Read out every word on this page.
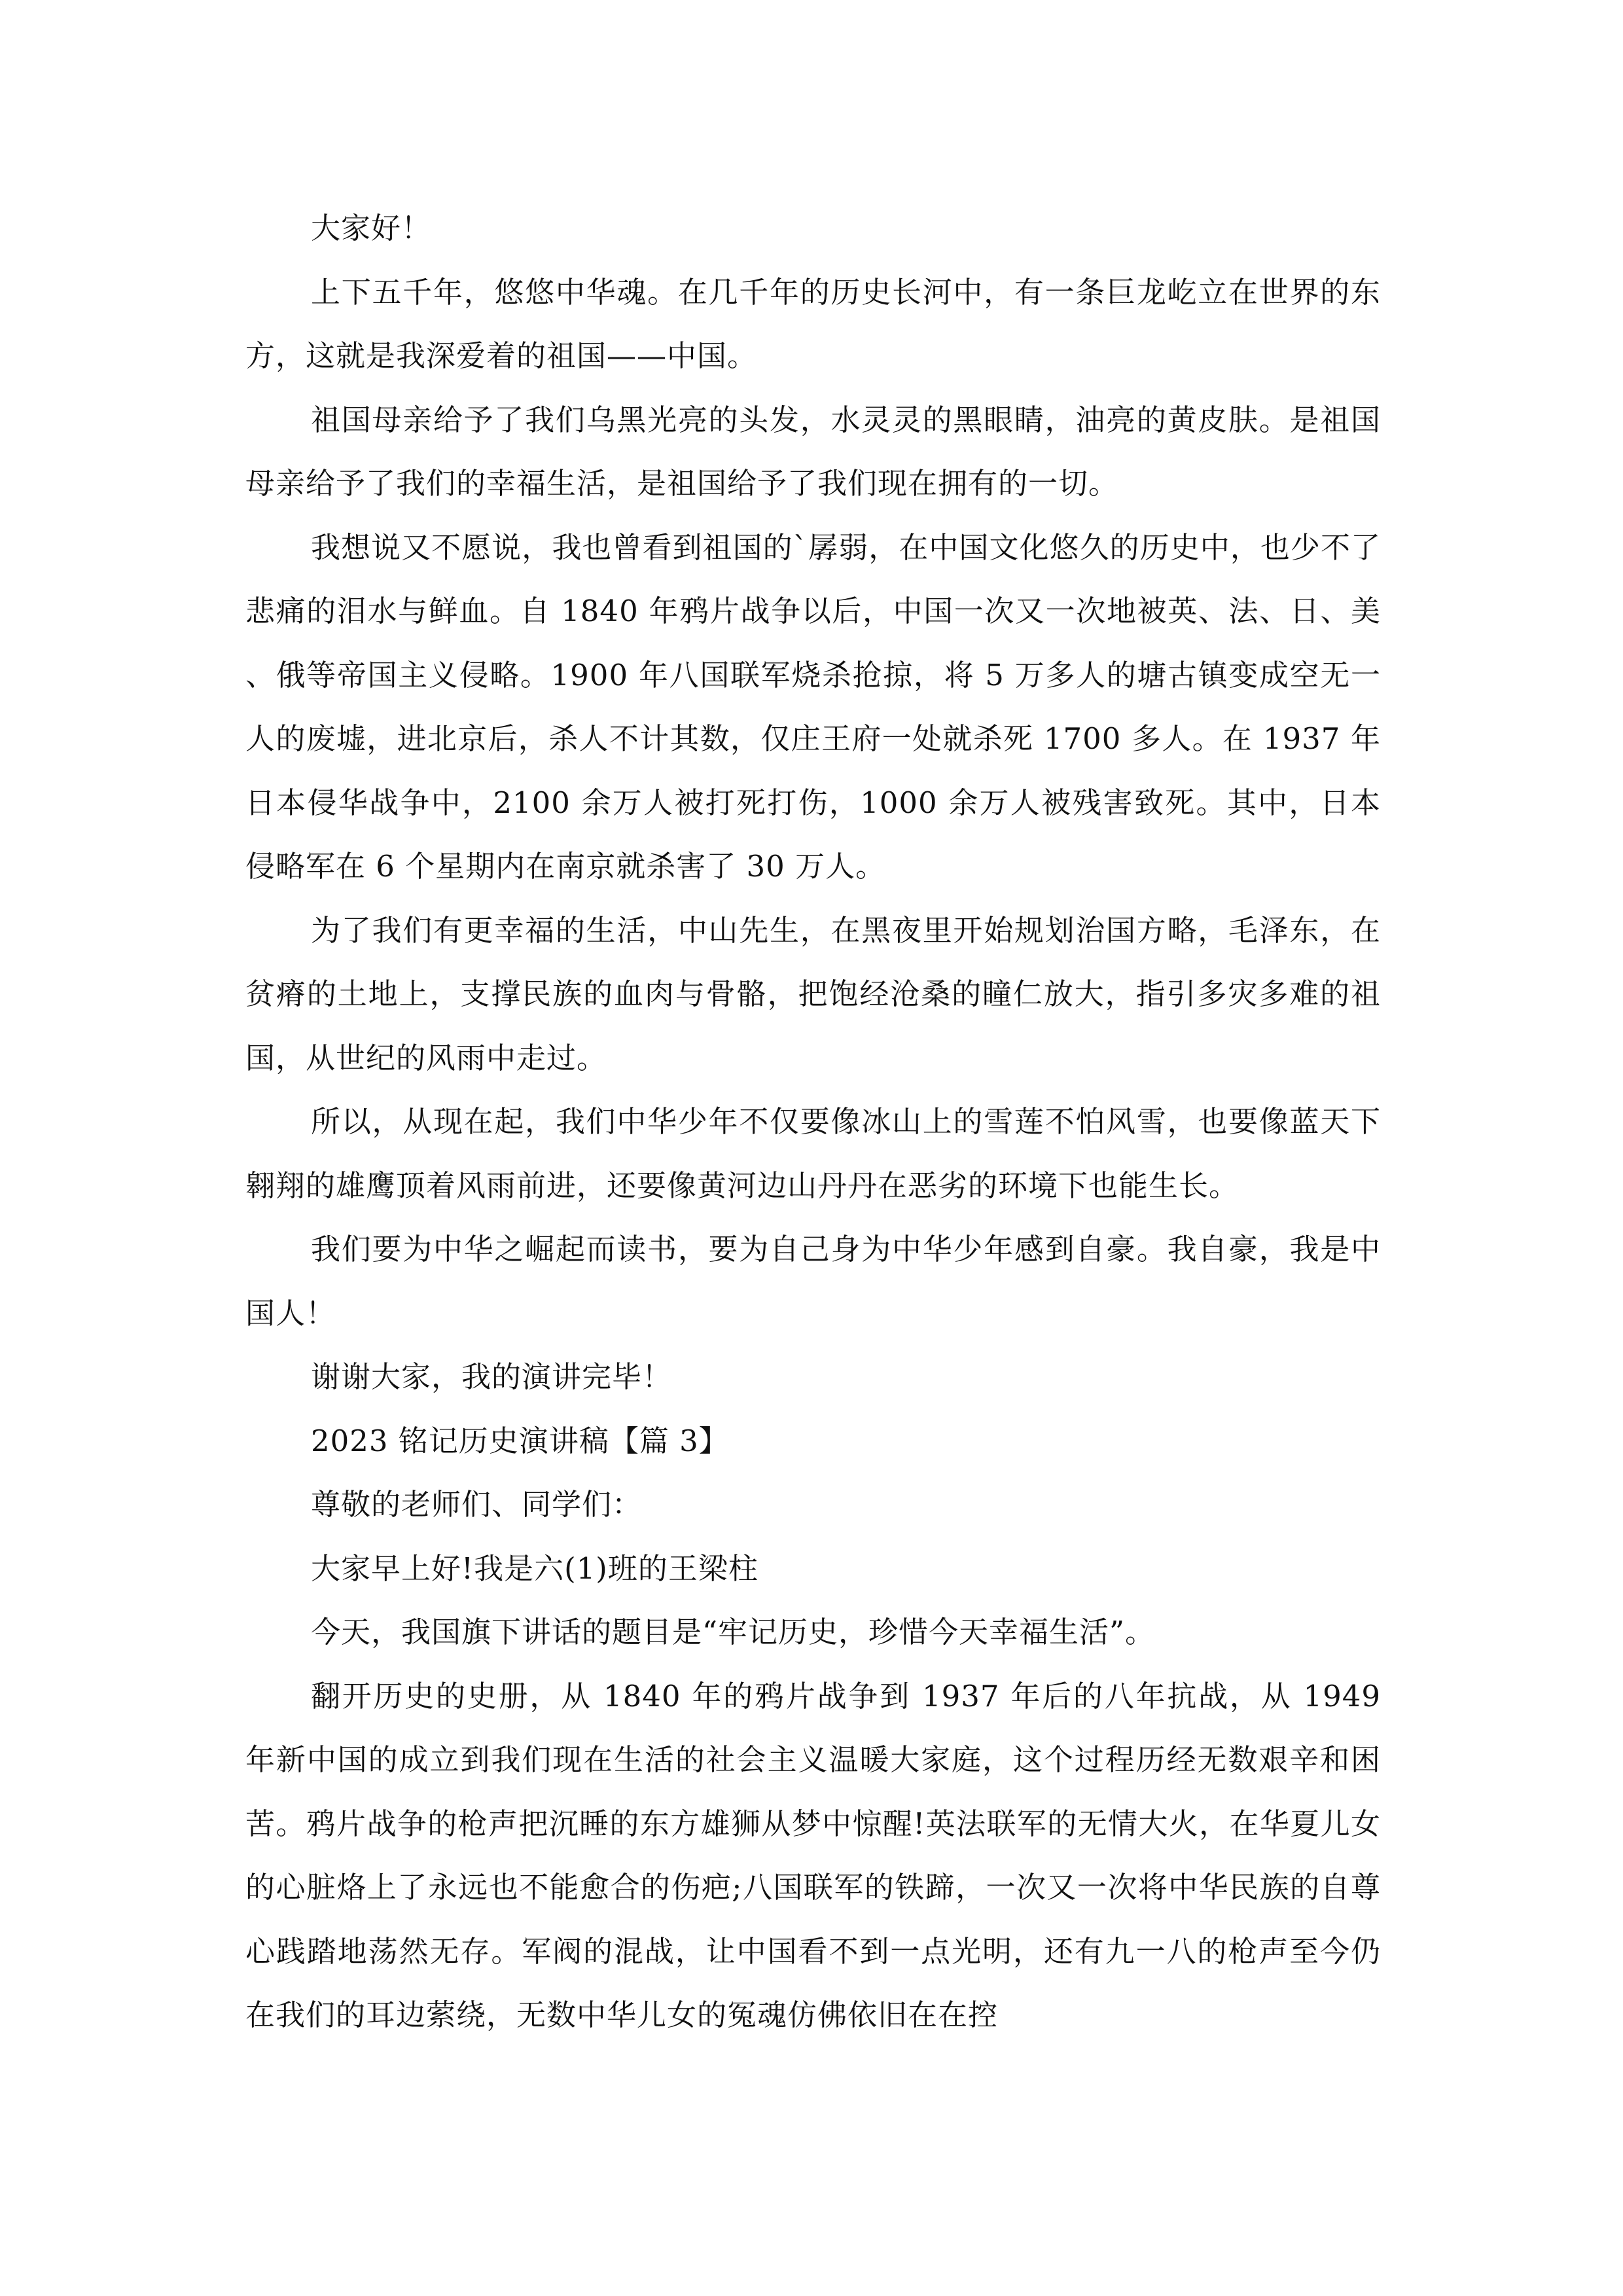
大家好！

上下五千年，悠悠中华魂。在几千年的历史长河中，有一条巨龙屹立在世界的东方，这就是我深爱着的祖国——中国。

祖国母亲给予了我们乌黑光亮的头发，水灵灵的黑眼睛，油亮的黄皮肤。是祖国母亲给予了我们的幸福生活，是祖国给予了我们现在拥有的一切。

我想说又不愿说，我也曾看到祖国的`孱弱，在中国文化悠久的历史中，也少不了悲痛的泪水与鲜血。自 1840 年鸦片战争以后，中国一次又一次地被英、法、日、美、俄等帝国主义侵略。1900 年八国联军烧杀抢掠，将 5 万多人的塘古镇变成空无一人的废墟，进北京后，杀人不计其数，仅庄王府一处就杀死 1700 多人。在 1937 年日本侵华战争中，2100 余万人被打死打伤，1000 余万人被残害致死。其中，日本侵略军在 6 个星期内在南京就杀害了 30 万人。

为了我们有更幸福的生活，中山先生，在黑夜里开始规划治国方略，毛泽东，在贫瘠的土地上，支撑民族的血肉与骨骼，把饱经沧桑的瞳仁放大，指引多灾多难的祖国，从世纪的风雨中走过。

所以，从现在起，我们中华少年不仅要像冰山上的雪莲不怕风雪，也要像蓝天下翱翔的雄鹰顶着风雨前进，还要像黄河边山丹丹在恶劣的环境下也能生长。

我们要为中华之崛起而读书，要为自己身为中华少年感到自豪。我自豪，我是中国人！

谢谢大家，我的演讲完毕！

2023 铭记历史演讲稿【篇 3】

尊敬的老师们、同学们：

大家早上好!我是六(1)班的王梁柱

今天，我国旗下讲话的题目是“牢记历史，珍惜今天幸福生活”。

翻开历史的史册，从 1840 年的鸦片战争到 1937 年后的八年抗战，从 1949 年新中国的成立到我们现在生活的社会主义温暖大家庭，这个过程历经无数艰辛和困苦。鸦片战争的枪声把沉睡的东方雄狮从梦中惊醒!英法联军的无情大火，在华夏儿女的心脏烙上了永远也不能愈合的伤疤;八国联军的铁蹄，一次又一次将中华民族的自尊心践踏地荡然无存。军阀的混战，让中国看不到一点光明，还有九一八的枪声至今仍在我们的耳边萦绕，无数中华儿女的冤魂仿佛依旧在在控
